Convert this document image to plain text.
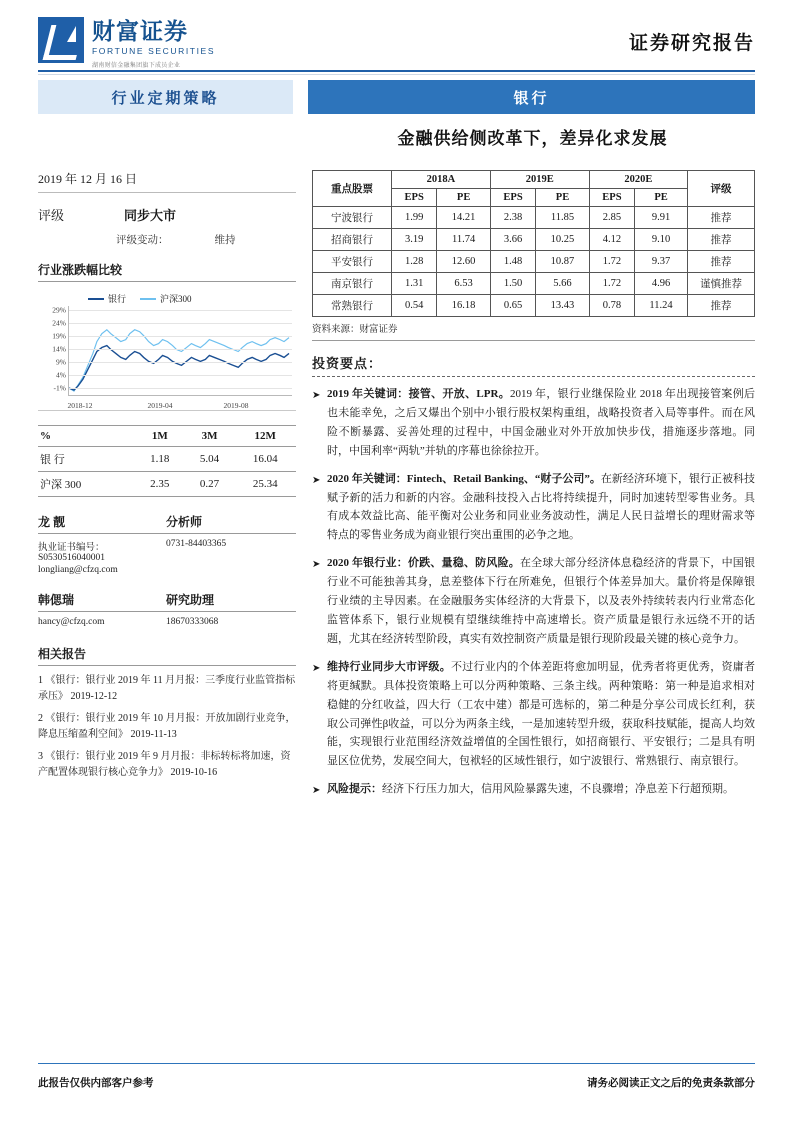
财富证券
FORTUNE SECURITIES
湖南财信金融集团旗下成员企业
证券研究报告
行业定期策略	银行
金融供给侧改革下，差异化求发展
2019 年 12 月 16 日
评级	同步大市
评级变动：	维持
行业涨跌幅比较
银行	沪深300
29%
24%
19%
14%
9%
4%
-1%
2018-12	2019-04	2019-08
%	1M	3M	12M
银 行	1.18	5.04	16.04
沪深 300	2.35	0.27	25.34
龙 靓	分析师
执业证书编号：S0530516040001
0731-84403365
longliang@cfzq.com
韩偲瑞	研究助理
hancy@cfzq.com	18670333068
相关报告
1 《银行：银行业 2019 年 11 月月报：三季度行业监管指标承压》 2019-12-12
2 《银行：银行业 2019 年 10 月月报：开放加剧行业竞争，降息压缩盈利空间》 2019-11-13
3 《银行：银行业 2019 年 9 月月报：非标转标将加速，资产配置体现银行核心竞争力》 2019-10-16
重点股票	2018A		2019E		2020E		评级
	EPS	PE	EPS	PE	EPS	PE	
宁波银行	1.99	14.21	2.38	11.85	2.85	9.91	推荐
招商银行	3.19	11.74	3.66	10.25	4.12	9.10	推荐
平安银行	1.28	12.60	1.48	10.87	1.72	9.37	推荐
南京银行	1.31	6.53	1.50	5.66	1.72	4.96	谨慎推荐
常熟银行	0.54	16.18	0.65	13.43	0.78	11.24	推荐
资料来源：财富证券
投资要点：
➤ 2019 年关键词：接管、开放、LPR。2019 年，银行业继保险业 2018 年出现接管案例后也未能幸免，之后又爆出个别中小银行股权架构重组，战略投资者入局等事件。而在风险不断暴露、妥善处理的过程中，中国金融业对外开放加快步伐，措施逐步落地。同时，中国利率“两轨”并轨的序幕也徐徐拉开。
➤ 2020 年关键词：Fintech、Retail Banking、“财子公司”。在新经济环境下，银行正被科技赋予新的活力和新的内容。金融科技投入占比将持续提升，同时加速转型零售业务。具有成本效益比高、能平衡对公业务和同业业务波动性，满足人民日益增长的理财需求等特点的零售业务成为商业银行突出重围的必争之地。
➤ 2020 年银行业：价跌、量稳、防风险。在全球大部分经济体息稳经济的背景下，中国银行业不可能独善其身，息差整体下行在所难免，但银行个体差异加大。量价将是保障银行业绩的主导因素。在金融服务实体经济的大背景下，以及表外持续转表内行业常态化监管体系下，银行业规模有望继续维持中高速增长。资产质量是银行永远绕不开的话题，尤其在经济转型阶段，真实有效控制资产质量是银行现阶段最关键的核心竞争力。
➤ 维持行业同步大市评级。不过行业内的个体差距将愈加明显，优秀者将更优秀，资庸者将更缄默。具体投资策略上可以分两种策略、三条主线。两种策略：第一种是追求相对稳健的分红收益，四大行（工农中建）都是可选标的，第二种是分享公司成长红利，获取公司弹性β收益，可以分为两条主线，一是加速转型升级，获取科技赋能，提高人均效能，实现银行业范围经济效益增值的全国性银行，如招商银行、平安银行；二是具有明显区位优势，发展空间大，包袱轻的区域性银行，如宁波银行、常熟银行、南京银行。
➤ 风险提示：经济下行压力加大，信用风险暴露失速，不良骤增；净息差下行超预期。
此报告仅供内部客户参考	请务必阅读正文之后的免责条款部分
